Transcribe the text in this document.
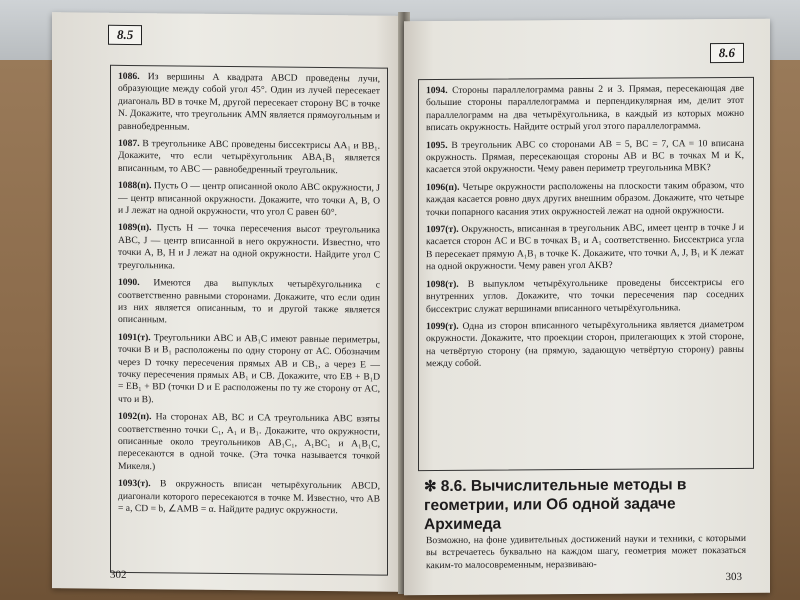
8.5
1086. Из вершины A квадрата ABCD проведены лучи, образующие между собой угол 45°. Один из лучей пересекает диагональ BD в точке M, другой пересекает сторону BC в точке N. Докажите, что треугольник AMN является прямоугольным и равнобедренным.
1087. В треугольнике ABC проведены биссектрисы AA₁ и BB₁. Докажите, что если четырёхугольник ABA₁B₁ является вписанным, то ABC — равнобедренный треугольник.
1088(п). Пусть O — центр описанной около ABC окружности, J — центр вписанной окружности. Докажите, что точки A, B, O и J лежат на одной окружности, что угол C равен 60°.
1089(п). Пусть H — точка пересечения высот треугольника ABC, J — центр вписанной в него окружности. Известно, что точки A, B, H и J лежат на одной окружности. Найдите угол C треугольника.
1090. Имеются два выпуклых четырёхугольника с соответственно равными сторонами. Докажите, что если один из них является описанным, то и другой также является описанным.
1091(т). Треугольники ABC и AB₁C имеют равные периметры, точки B и B₁ расположены по одну сторону от AC. Обозначим через D точку пересечения прямых AB и CB₁, а через E — точку пересечения прямых AB₁ и CB. Докажите, что EB + B₁D = EB₁ + BD (точки D и E расположены по ту же сторону от AC, что и B).
1092(п). На сторонах AB, BC и CA треугольника ABC взяты соответственно точки C₁, A₁ и B₁. Докажите, что окружности, описанные около треугольников AB₁C₁, A₁BC₁ и A₁B₁C, пересекаются в одной точке. (Эта точка называется точкой Микеля.)
1093(т). В окружность вписан четырёхугольник ABCD, диагонали которого пересекаются в точке M. Известно, что AB = a, CD = b, ∠AMB = α. Найдите радиус окружности.
302
8.6
1094. Стороны параллелограмма равны 2 и 3. Прямая, пересекающая две большие стороны параллелограмма и перпендикулярная им, делит этот параллелограмм на два четырёхугольника, в каждый из которых можно вписать окружность. Найдите острый угол этого параллелограмма.
1095. В треугольник ABC со сторонами AB = 5, BC = 7, CA = 10 вписана окружность. Прямая, пересекающая стороны AB и BC в точках M и K, касается этой окружности. Чему равен периметр треугольника MBK?
1096(п). Четыре окружности расположены на плоскости таким образом, что каждая касается ровно двух других внешним образом. Докажите, что четыре точки попарного касания этих окружностей лежат на одной окружности.
1097(т). Окружность, вписанная в треугольник ABC, имеет центр в точке J и касается сторон AC и BC в точках B₁ и A₁ соответственно. Биссектриса угла B пересекает прямую A₁B₁ в точке K. Докажите, что точки A, J, B₁ и K лежат на одной окружности. Чему равен угол AKB?
1098(т). В выпуклом четырёхугольнике проведены биссектрисы его внутренних углов. Докажите, что точки пересечения пар соседних биссектрис служат вершинами вписанного четырёхугольника.
1099(т). Одна из сторон вписанного четырёхугольника является диаметром окружности. Докажите, что проекции сторон, прилегающих к этой стороне, на четвёртую сторону (на прямую, задающую четвёртую сторону) равны между собой.
✻ 8.6. Вычислительные методы в геометрии, или Об одной задаче Архимеда
Возможно, на фоне удивительных достижений науки и техники, с которыми вы встречаетесь буквально на каждом шагу, геометрия может показаться каким-то малосовременным, неразвиваю-
303
